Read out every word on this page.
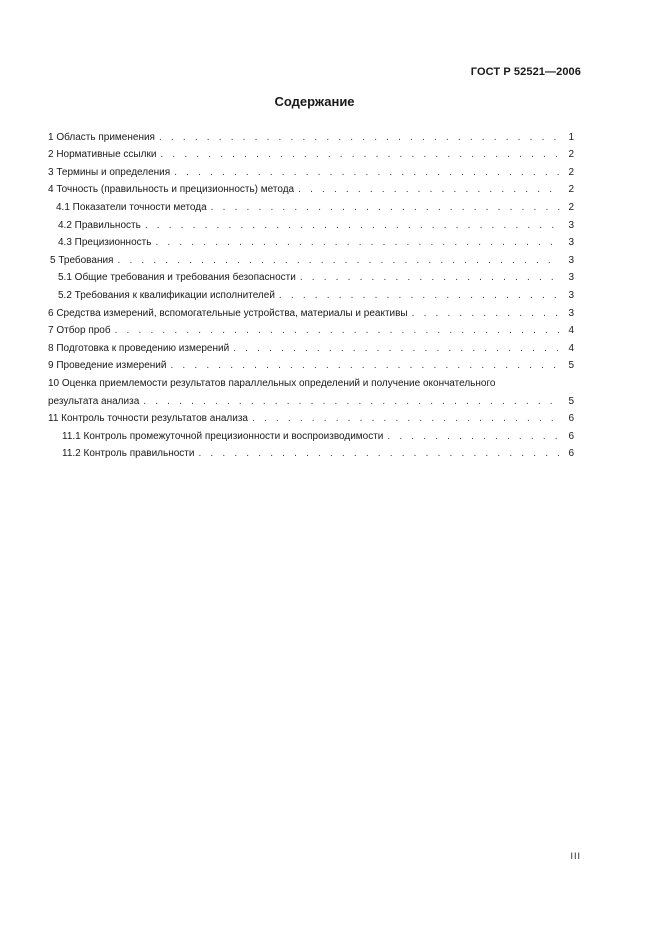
ГОСТ Р 52521—2006
Содержание
1 Область применения . . .	1
2 Нормативные ссылки . . .	2
3 Термины и определения . . .	2
4 Точность (правильность и прецизионность) метода . . .	2
4.1 Показатели точности метода . . .	2
4.2 Правильность . . .	3
4.3 Прецизионность . . .	3
5 Требования . . .	3
5.1 Общие требования и требования безопасности . . .	3
5.2 Требования к квалификации исполнителей . . .	3
6 Средства измерений, вспомогательные устройства, материалы и реактивы . . .	3
7 Отбор проб . . .	4
8 Подготовка к проведению измерений . . .	4
9 Проведение измерений . . .	5
10 Оценка приемлемости результатов параллельных определений и получение окончательного
результата анализа . . .	5
11 Контроль точности результатов анализа . . .	6
11.1 Контроль промежуточной прецизионности и воспроизводимости . . .	6
11.2 Контроль правильности . . .	6
III
